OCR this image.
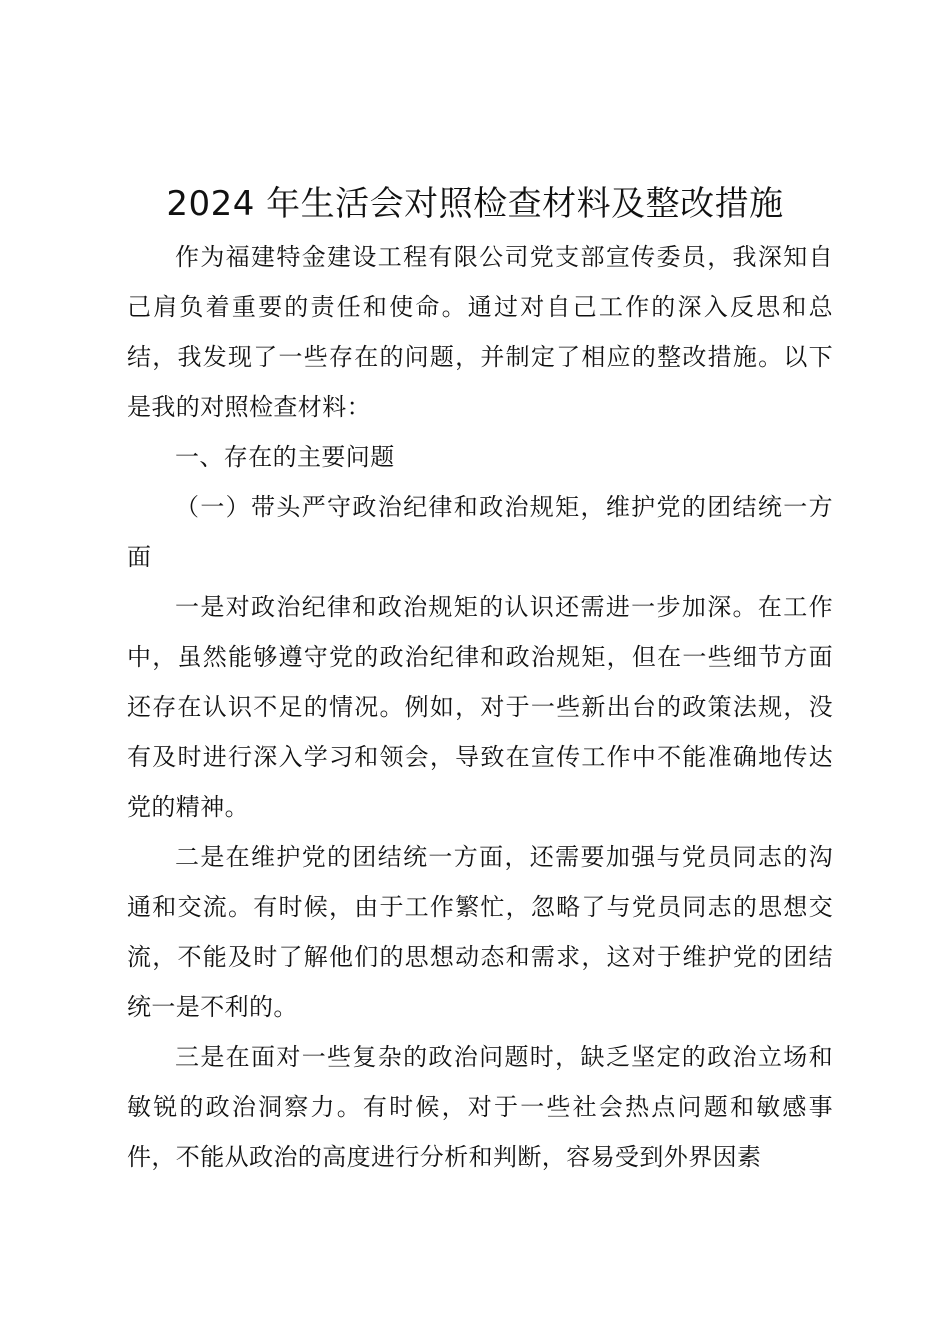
2024 年生活会对照检查材料及整改措施

作为福建特金建设工程有限公司党支部宣传委员，我深知自己肩负着重要的责任和使命。通过对自己工作的深入反思和总结，我发现了一些存在的问题，并制定了相应的整改措施。以下是我的对照检查材料：

一、存在的主要问题

（一）带头严守政治纪律和政治规矩，维护党的团结统一方面

一是对政治纪律和政治规矩的认识还需进一步加深。在工作中，虽然能够遵守党的政治纪律和政治规矩，但在一些细节方面还存在认识不足的情况。例如，对于一些新出台的政策法规，没有及时进行深入学习和领会，导致在宣传工作中不能准确地传达党的精神。

二是在维护党的团结统一方面，还需要加强与党员同志的沟通和交流。有时候，由于工作繁忙，忽略了与党员同志的思想交流，不能及时了解他们的思想动态和需求，这对于维护党的团结统一是不利的。

三是在面对一些复杂的政治问题时，缺乏坚定的政治立场和敏锐的政治洞察力。有时候，对于一些社会热点问题和敏感事件，不能从政治的高度进行分析和判断，容易受到外界因素
